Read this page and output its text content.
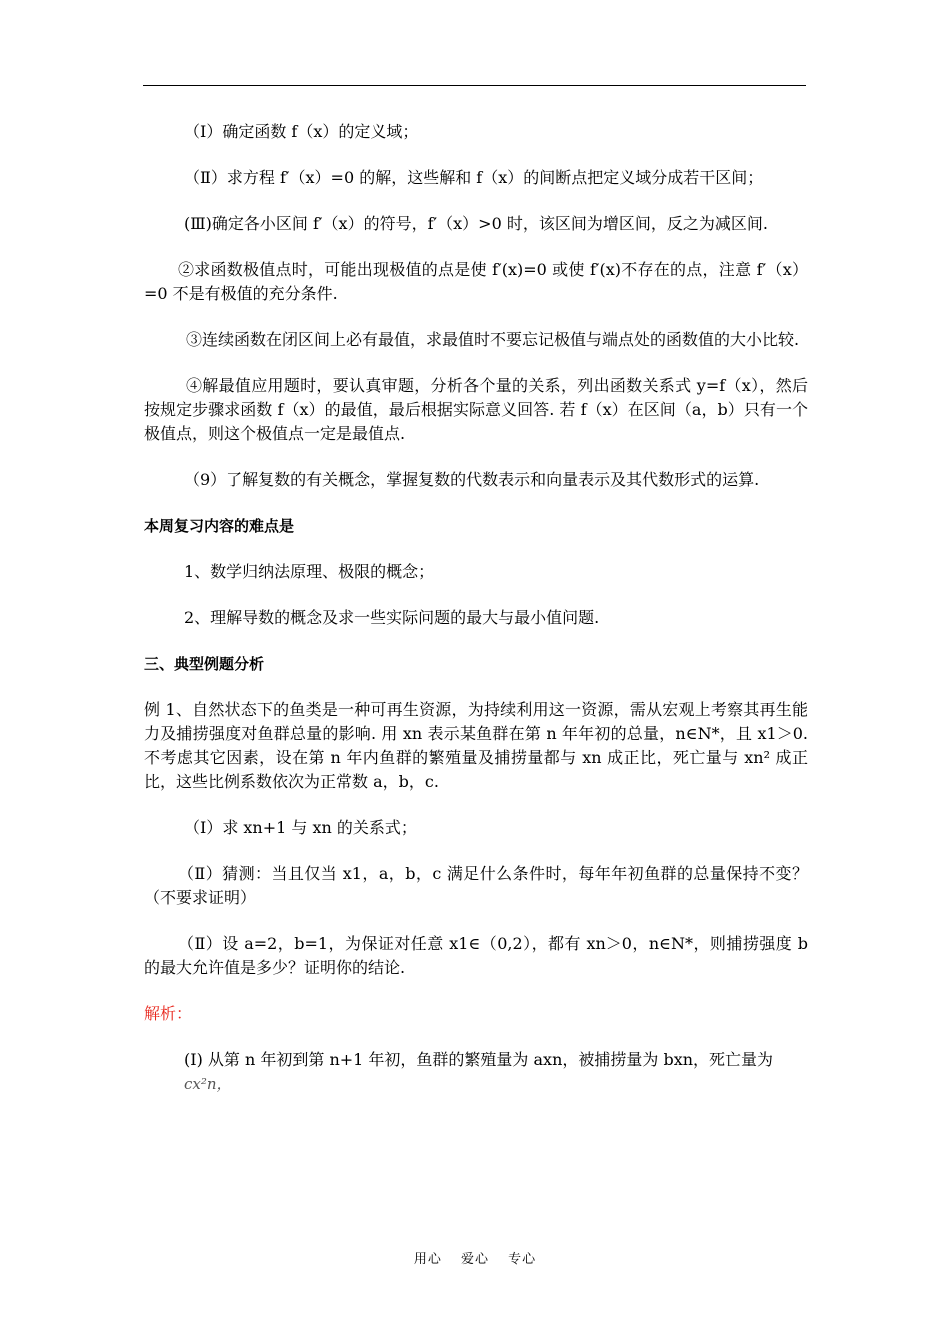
（Ⅰ）确定函数 f（x）的定义域；

（Ⅱ）求方程 f′（x）=0 的解，这些解和 f（x）的间断点把定义域分成若干区间；

(Ⅲ)确定各小区间 f′（x）的符号，f′（x）>0 时，该区间为增区间，反之为减区间.

②求函数极值点时，可能出现极值的点是使 f′(x)=0 或使 f′(x)不存在的点，注意 f′（x）=0 不是有极值的充分条件.

③连续函数在闭区间上必有最值，求最值时不要忘记极值与端点处的函数值的大小比较.

④解最值应用题时，要认真审题，分析各个量的关系，列出函数关系式 y=f（x），然后按规定步骤求函数 f（x）的最值，最后根据实际意义回答. 若 f（x）在区间（a，b）只有一个极值点，则这个极值点一定是最值点.

（9）了解复数的有关概念，掌握复数的代数表示和向量表示及其代数形式的运算.

本周复习内容的难点是

1、数学归纳法原理、极限的概念；

2、理解导数的概念及求一些实际问题的最大与最小值问题.

三、典型例题分析

例 1、自然状态下的鱼类是一种可再生资源，为持续利用这一资源，需从宏观上考察其再生能力及捕捞强度对鱼群总量的影响. 用 xn 表示某鱼群在第 n 年年初的总量，n∈N*，且 x1＞0. 不考虑其它因素，设在第 n 年内鱼群的繁殖量及捕捞量都与 xn 成正比，死亡量与 xn² 成正比，这些比例系数依次为正常数 a，b，c.

（Ⅰ）求 xn+1 与 xn 的关系式；

（Ⅱ）猜测：当且仅当 x1，a，b，c 满足什么条件时，每年年初鱼群的总量保持不变？（不要求证明）

（Ⅱ）设 a=2，b=1，为保证对任意 x1∈（0,2），都有 xn＞0，n∈N*，则捕捞强度 b 的最大允许值是多少？证明你的结论.

解析：

(Ⅰ) 从第 n 年初到第 n+1 年初，鱼群的繁殖量为 axn，被捕捞量为 bxn，死亡量为
cx²n，

用心 爱心 专心
